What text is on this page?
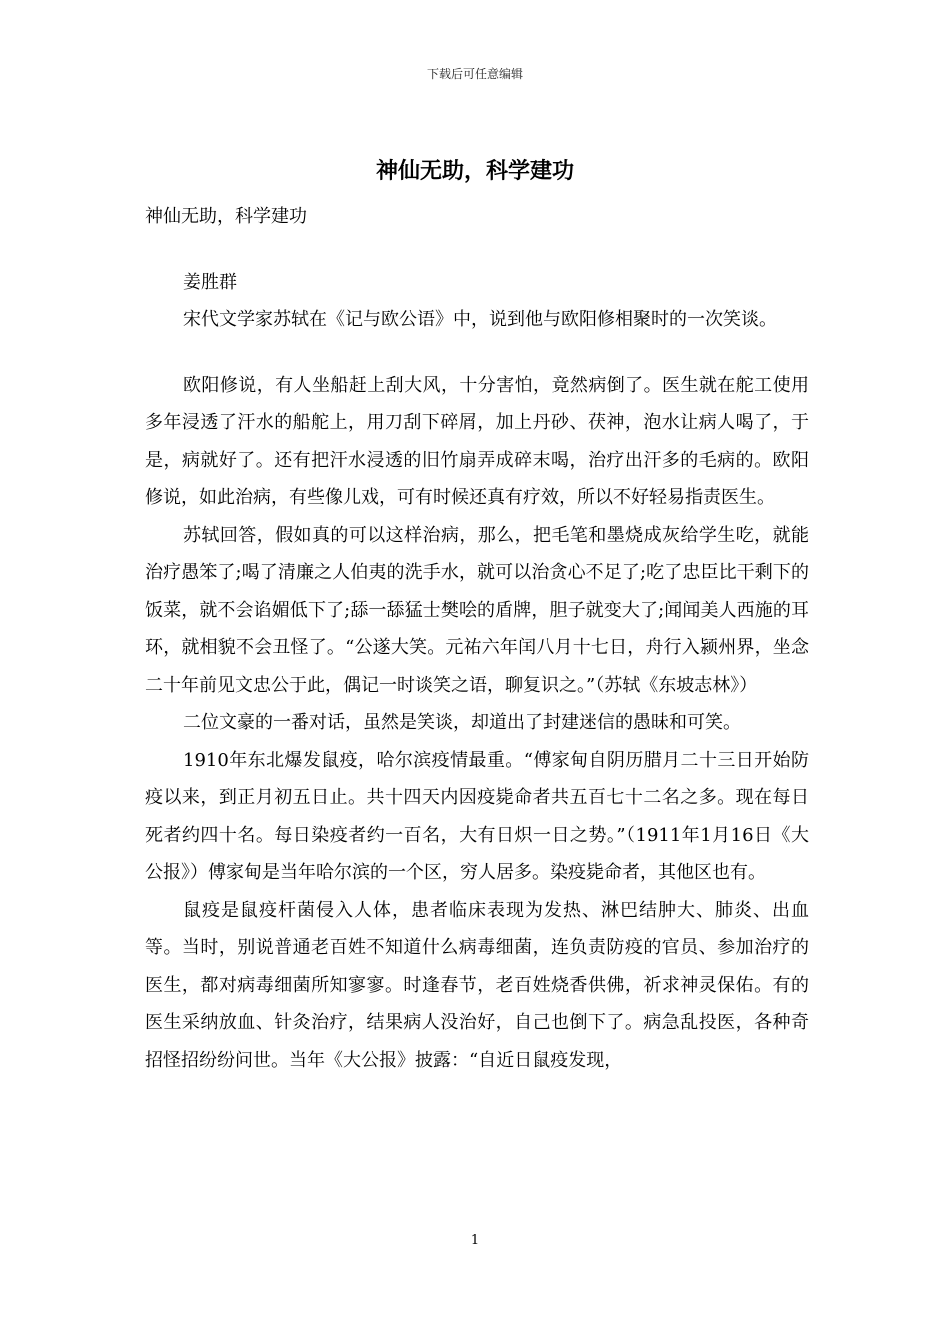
下载后可任意编辑
神仙无助，科学建功

神仙无助，科学建功

姜胜群

宋代文学家苏轼在《记与欧公语》中，说到他与欧阳修相聚时的一次笑谈。

欧阳修说，有人坐船赶上刮大风，十分害怕，竟然病倒了。医生就在舵工使用多年浸透了汗水的船舵上，用刀刮下碎屑，加上丹砂、茯神，泡水让病人喝了，于是，病就好了。还有把汗水浸透的旧竹扇弄成碎末喝，治疗出汗多的毛病的。欧阳修说，如此治病，有些像儿戏，可有时候还真有疗效，所以不好轻易指责医生。

苏轼回答，假如真的可以这样治病，那么，把毛笔和墨烧成灰给学生吃，就能治疗愚笨了;喝了清廉之人伯夷的洗手水，就可以治贪心不足了;吃了忠臣比干剩下的饭菜，就不会谄媚低下了;舔一舔猛士樊哙的盾牌，胆子就变大了;闻闻美人西施的耳环，就相貌不会丑怪了。“公遂大笑。元祐六年闰八月十七日，舟行入颍州界，坐念二十年前见文忠公于此，偶记一时谈笑之语，聊复识之。”（苏轼《东坡志林》）

二位文豪的一番对话，虽然是笑谈，却道出了封建迷信的愚昧和可笑。

1910年东北爆发鼠疫，哈尔滨疫情最重。“傅家甸自阴历腊月二十三日开始防疫以来，到正月初五日止。共十四天内因疫毙命者共五百七十二名之多。现在每日死者约四十名。每日染疫者约一百名，大有日炽一日之势。”（1911年1月16日《大公报》）傅家甸是当年哈尔滨的一个区，穷人居多。染疫毙命者，其他区也有。

鼠疫是鼠疫杆菌侵入人体，患者临床表现为发热、淋巴结肿大、肺炎、出血等。当时，别说普通老百姓不知道什么病毒细菌，连负责防疫的官员、参加治疗的医生，都对病毒细菌所知寥寥。时逢春节，老百姓烧香供佛，祈求神灵保佑。有的医生采纳放血、针灸治疗，结果病人没治好，自己也倒下了。病急乱投医，各种奇招怪招纷纷问世。当年《大公报》披露：“自近日鼠疫发现，

1
